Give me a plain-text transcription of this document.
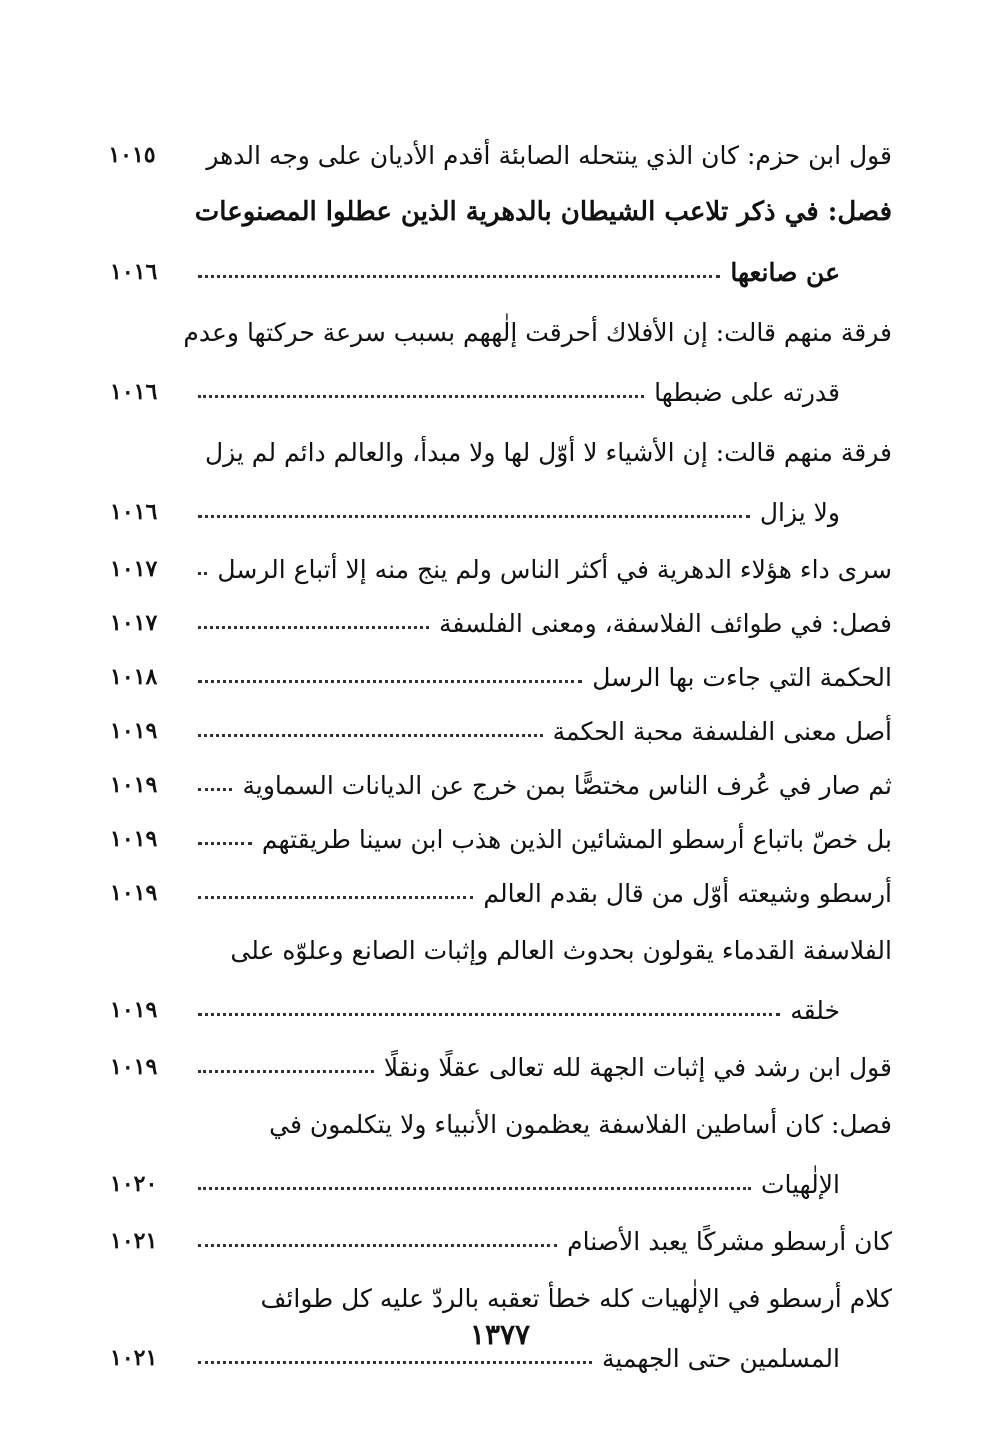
قول ابن حزم: كان الذي ينتحله الصابئة أقدم الأديان على وجه الدهر
١٠١٥
فصل: في ذكر تلاعب الشيطان بالدهرية الذين عطلوا المصنوعات
عن صانعها
١٠١٦
فرقة منهم قالت: إن الأفلاك أحرقت إلٰههم بسبب سرعة حركتها وعدم
قدرته على ضبطها
١٠١٦
فرقة منهم قالت: إن الأشياء لا أوّل لها ولا مبدأ، والعالم دائم لم يزل
ولا يزال
١٠١٦
سرى داء هؤلاء الدهرية في أكثر الناس ولم ينج منه إلا أتباع الرسل
١٠١٧
فصل: في طوائف الفلاسفة، ومعنى الفلسفة
١٠١٧
الحكمة التي جاءت بها الرسل
١٠١٨
أصل معنى الفلسفة محبة الحكمة
١٠١٩
ثم صار في عُرف الناس مختصًّا بمن خرج عن الديانات السماوية
١٠١٩
بل خصّ باتباع أرسطو المشائين الذين هذب ابن سينا طريقتهم
١٠١٩
أرسطو وشيعته أوّل من قال بقدم العالم
١٠١٩
الفلاسفة القدماء يقولون بحدوث العالم وإثبات الصانع وعلوّه على
خلقه
١٠١٩
قول ابن رشد في إثبات الجهة لله تعالى عقلًا ونقلًا
١٠١٩
فصل: كان أساطين الفلاسفة يعظمون الأنبياء ولا يتكلمون في
الإلٰهيات
١٠٢٠
كان أرسطو مشركًا يعبد الأصنام
١٠٢١
كلام أرسطو في الإلٰهيات كله خطأ تعقبه بالردّ عليه كل طوائف
المسلمين حتى الجهمية
١٠٢١
١٣٧٧
